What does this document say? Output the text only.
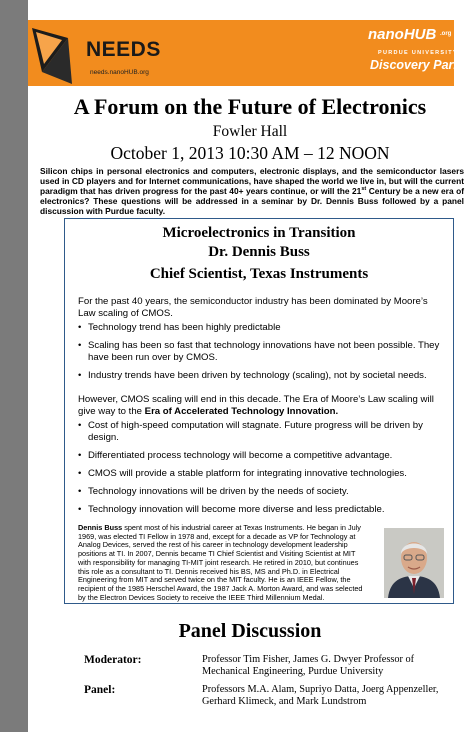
NEEDS
needs.nanoHUB.org
nanoHUB .org
PURDUE UNIVERSITY
Discovery Park
A Forum on the Future of Electronics
Fowler Hall
October 1, 2013 10:30 AM – 12 NOON
Silicon chips in personal electronics and computers, electronic displays, and the semiconductor lasers used in CD players and for Internet communications, have shaped the world we live in, but will the current paradigm that has driven progress for the past 40+ years continue, or will the 21st Century be a new era of electronics? These questions will be addressed in a seminar by Dr. Dennis Buss followed by a panel discussion with Purdue faculty.
Microelectronics in Transition
Dr. Dennis Buss
Chief Scientist, Texas Instruments
For the past 40 years, the semiconductor industry has been dominated by Moore’s Law scaling of CMOS.
• Technology trend has been highly predictable
• Scaling has been so fast that technology innovations have not been possible. They have been run over by CMOS.
• Industry trends have been driven by technology (scaling), not by societal needs.
However, CMOS scaling will end in this decade. The Era of Moore’s Law scaling will give way to the Era of Accelerated Technology Innovation.
• Cost of high-speed computation will stagnate. Future progress will be driven by design.
• Differentiated process technology will become a competitive advantage.
• CMOS will provide a stable platform for integrating innovative technologies.
• Technology innovations will be driven by the needs of society.
• Technology innovation will become more diverse and less predictable.
Dennis Buss spent most of his industrial career at Texas Instruments. He began in July 1969, was elected TI Fellow in 1978 and, except for a decade as VP for Technology at Analog Devices, served the rest of his career in technology development leadership positions at TI. In 2007, Dennis became TI Chief Scientist and Visiting Scientist at MIT with responsibility for managing TI-MIT joint research. He retired in 2010, but continues this role as a consultant to TI. Dennis received his BS, MS and Ph.D. in Electrical Engineering from MIT and served twice on the MIT faculty. He is an IEEE Fellow, the recipient of the 1985 Herschel Award, the 1987 Jack A. Morton Award, and was selected by the Electron Devices Society to receive the IEEE Third Millennium Medal.
Panel Discussion
Moderator:	Professor Tim Fisher, James G. Dwyer Professor of Mechanical Engineering, Purdue University
Panel:	Professors M.A. Alam, Supriyo Datta, Joerg Appenzeller, Gerhard Klimeck, and Mark Lundstrom
